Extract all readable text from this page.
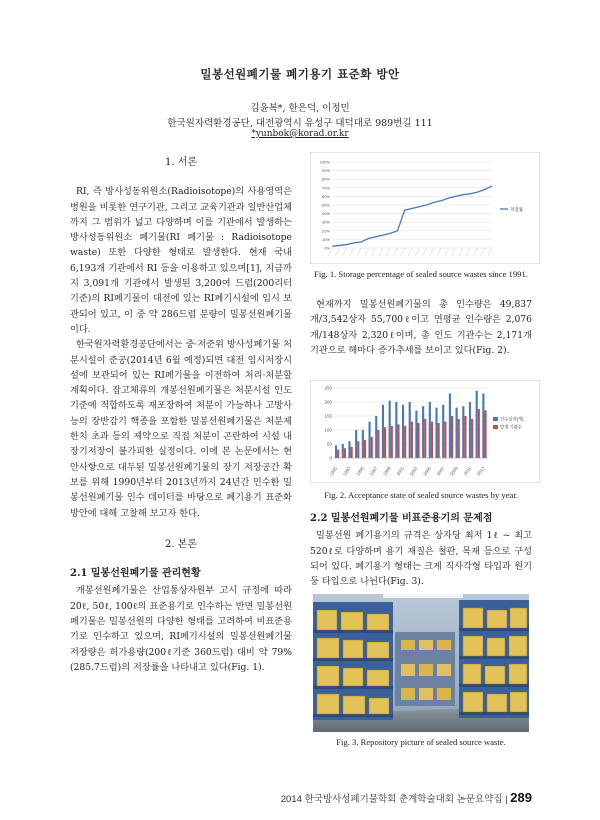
밀봉선원폐기물 폐기용기 표준화 방안
김윤복*, 한은덕, 이정민
한국원자력환경공단, 대전광역시 유성구 대덕대로 989번길 111
*yunbok@korad.or.kr
1. 서론

RI, 즉 방사성동위원소(Radioisotope)의 사용영역은 병원을 비롯한 연구기관, 그리고 교육기관과 일반산업체까지 그 범위가 넓고 다양하며 이를 기관에서 발생하는 방사성동위원소 폐기물(RI 폐기물 : Radioisotope waste) 또한 다양한 형태로 발생한다. 현재 국내 6,193개 기관에서 RI 등을 이용하고 있으며[1], 지금까지 3,091개 기관에서 발생된 3,200여 드럼(200리터 기준)의 RI폐기물이 대전에 있는 RI폐기시설에 임시 보관되어 있고, 이 중 약 286드럼 분량이 밀봉선원폐기물이다.

한국원자력환경공단에서는 중·저준위 방사성폐기물 처분시설이 준공(2014년 6월 예정)되면 대전 임시저장시설에 보관되어 있는 RI폐기물을 이전하여 처리·처분할 계획이다. 잡고체류의 개봉선원폐기물은 처분시설 인도기준에 적합하도록 재포장하여 처분이 가능하나 고방사능의 장반감기 핵종을 포함한 밀봉선원폐기물은 처분제한치 초과 등의 제약으로 직접 처분이 곤란하여 시설 내 장기저장이 불가피한 실정이다. 이에 본 논문에서는 현안사항으로 대두된 밀봉선원폐기물의 장기 저장공간 확보를 위해 1990년부터 2013년까지 24년간 인수한 밀봉선원폐기물 인수 데이터를 바탕으로 폐기용기 표준화 방안에 대해 고찰해 보고자 한다.

2. 본론
2.1 밀봉선원폐기물 관리현황

개봉선원폐기물은 산업통상자원부 고시 규정에 따라 20ℓ, 50ℓ, 100ℓ의 표준용기로 인수하는 반면 밀봉선원폐기물은 밀봉선원의 다양한 형태를 고려하여 비표준용기로 인수하고 있으며, RI폐기시설의 밀봉선원폐기물 저장량은 허가용량(200ℓ기준 360드럼) 대비 약 79%(285.7드럼)의 저장률을 나타내고 있다(Fig. 1).

0%
10%
20%
30%
40%
50%
60%
70%
80%
90%
100%
저장률
Fig. 1. Storage percentage of sealed source wastes since 1991.

현재까지 밀봉선원폐기물의 총 인수량은 49,837개/3,542상자 55,700ℓ이고 연평균 인수량은 2,076개/148상자 2,320ℓ이며, 총 인도 기관수는 2,171개 기관으로 해마다 증가추세를 보이고 있다(Fig. 2).

0
50
100
150
200
250
1991 1993 1995 1997 1999 2001 2003 2005 2007 2009 2011 2013
인수상자(개)
발생 기관수
Fig. 2. Acceptance state of sealed source wastes by year.
2.2 밀봉선원폐기물 비표준용기의 문제점

밀봉선원 폐기용기의 규격은 상자당 최저 1ℓ ~ 최고 520ℓ로 다양하며 용기 재질은 철판, 목재 등으로 구성되어 있다. 폐기용기 형태는 크게 직사각형 타입과 원기둥 타입으로 나뉜다(Fig. 3).

Fig. 3. Repository picture of sealed source waste.
2014 한국방사성폐기물학회 춘계학술대회 논문요약집 | 289
